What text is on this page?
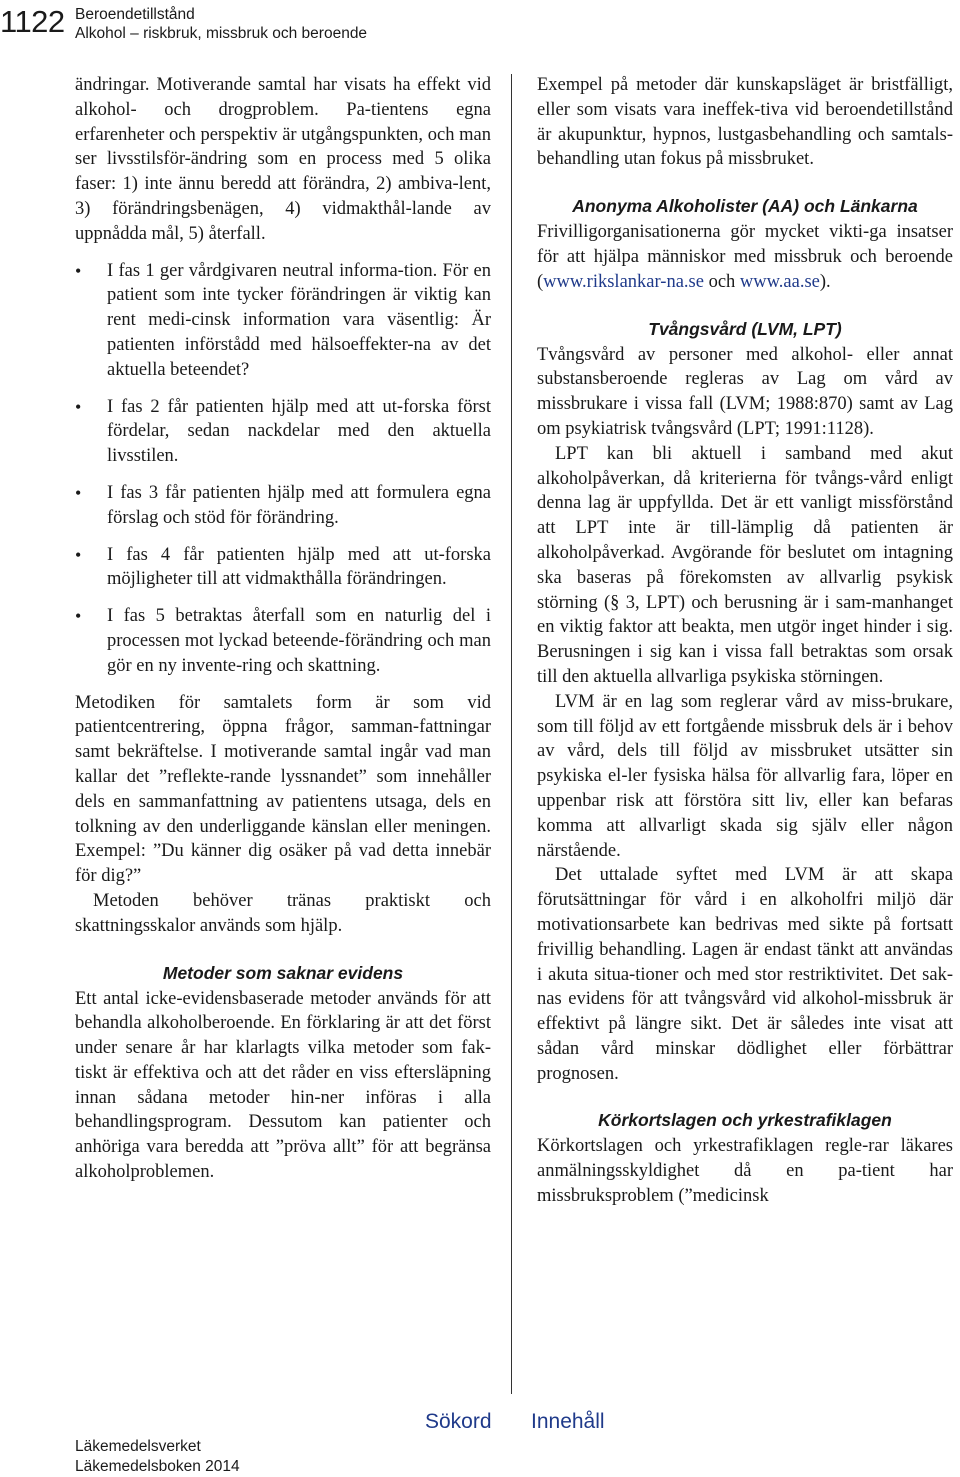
1122 Beroendetillstånd
Alkohol – riskbruk, missbruk och beroende

ändringar. Motiverande samtal har visats ha effekt vid alkohol- och drogproblem. Pa-tientens egna erfarenheter och perspektiv är utgångspunkten, och man ser livsstilsför-ändring som en process med 5 olika faser: 1) inte ännu beredd att förändra, 2) ambiva-lent, 3) förändringsbenägen, 4) vidmakthål-lande av uppnådda mål, 5) återfall.

• I fas 1 ger vårdgivaren neutral informa-tion. För en patient som inte tycker förändringen är viktig kan rent medi-cinsk information vara väsentlig: Är patienten införstådd med hälsoeffekter-na av det aktuella beteendet?
• I fas 2 får patienten hjälp med att ut-forska först fördelar, sedan nackdelar med den aktuella livsstilen.
• I fas 3 får patienten hjälp med att formulera egna förslag och stöd för förändring.
• I fas 4 får patienten hjälp med att ut-forska möjligheter till att vidmakthålla förändringen.
• I fas 5 betraktas återfall som en naturlig del i processen mot lyckad beteende-förändring och man gör en ny invente-ring och skattning.

Metodiken för samtalets form är som vid patientcentrering, öppna frågor, samman-fattningar samt bekräftelse. I motiverande samtal ingår vad man kallar det ”reflekte-rande lyssnandet” som innehåller dels en sammanfattning av patientens utsaga, dels en tolkning av den underliggande känslan eller meningen. Exempel: ”Du känner dig osäker på vad detta innebär för dig?”

Metoden behöver tränas praktiskt och skattningsskalor används som hjälp.

Metoder som saknar evidens

Ett antal icke-evidensbaserade metoder används för att behandla alkoholberoende. En förklaring är att det först under senare år har klarlagts vilka metoder som fak-tiskt är effektiva och att det råder en viss eftersläpning innan sådana metoder hin-ner införas i alla behandlingsprogram. Dessutom kan patienter och anhöriga vara beredda att ”pröva allt” för att begränsa alkoholproblemen.

Exempel på metoder där kunskapsläget är bristfälligt, eller som visats vara ineffek-tiva vid beroendetillstånd är akupunktur, hypnos, lustgasbehandling och samtals-behandling utan fokus på missbruket.

Anonyma Alkoholister (AA) och Länkarna

Frivilligorganisationerna gör mycket vikti-ga insatser för att hjälpa människor med missbruk och beroende (www.rikslankar-na.se och www.aa.se).

Tvångsvård (LVM, LPT)

Tvångsvård av personer med alkohol- eller annat substansberoende regleras av Lag om vård av missbrukare i vissa fall (LVM; 1988:870) samt av Lag om psykiatrisk tvångsvård (LPT; 1991:1128).

LPT kan bli aktuell i samband med akut alkoholpåverkan, då kriterierna för tvångs-vård enligt denna lag är uppfyllda. Det är ett vanligt missförstånd att LPT inte är till-lämplig då patienten är alkoholpåverkad. Avgörande för beslutet om intagning ska baseras på förekomsten av allvarlig psykisk störning (§ 3, LPT) och berusning är i sam-manhanget en viktig faktor att beakta, men utgör inget hinder i sig. Berusningen i sig kan i vissa fall betraktas som orsak till den aktuella allvarliga psykiska störningen.

LVM är en lag som reglerar vård av miss-brukare, som till följd av ett fortgående missbruk dels är i behov av vård, dels till följd av missbruket utsätter sin psykiska el-ler fysiska hälsa för allvarlig fara, löper en uppenbar risk att förstöra sitt liv, eller kan befaras komma att allvarligt skada sig själv eller någon närstående.

Det uttalade syftet med LVM är att skapa förutsättningar för vård i en alkoholfri miljö där motivationsarbete kan bedrivas med sikte på fortsatt frivillig behandling. Lagen är endast tänkt att användas i akuta situa-tioner och med stor restriktivitet. Det sak-nas evidens för att tvångsvård vid alkohol-missbruk är effektivt på längre sikt. Det är således inte visat att sådan vård minskar dödlighet eller förbättrar prognosen.

Körkortslagen och yrkestrafiklagen

Körkortslagen och yrkestrafiklagen regle-rar läkares anmälningsskyldighet då en pa-tient har missbruksproblem (”medicinsk

Sökord Innehåll
Läkemedelsverket
Läkemedelsboken 2014
